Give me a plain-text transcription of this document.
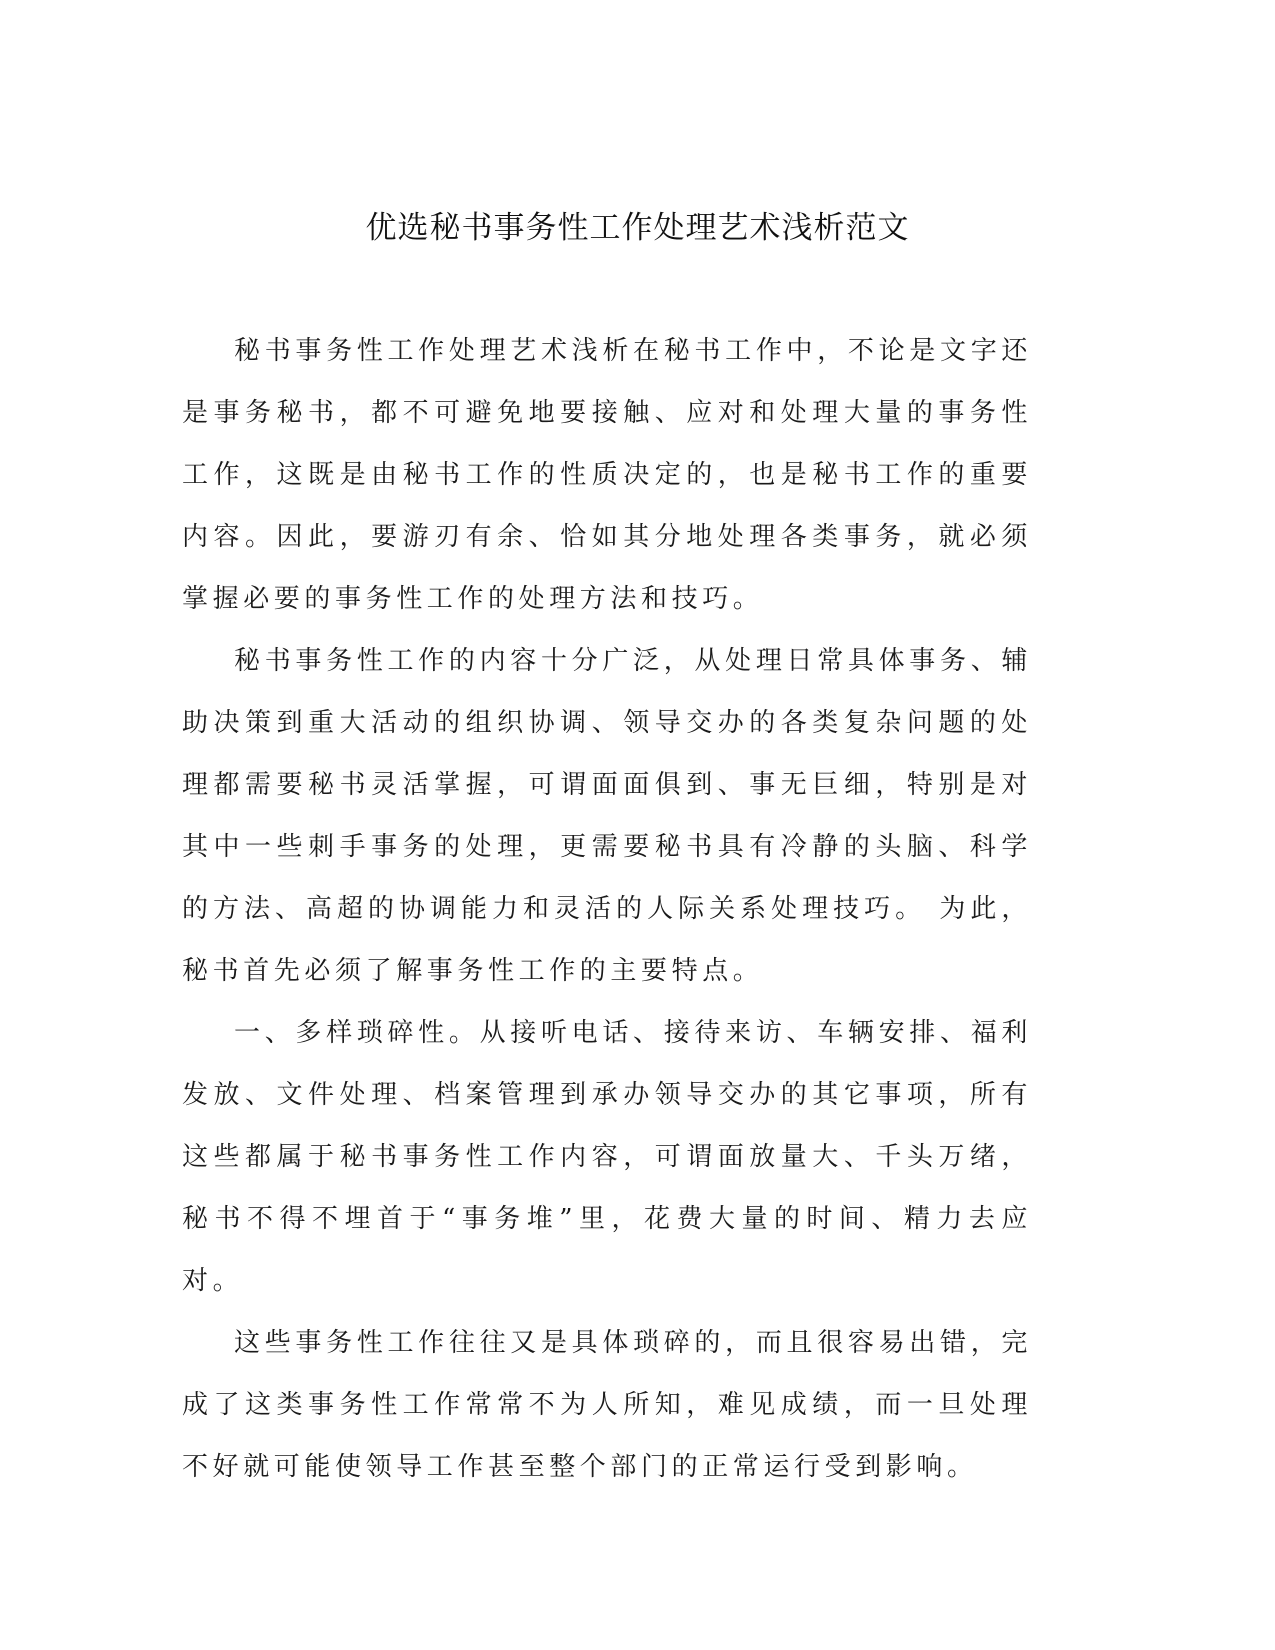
优选秘书事务性工作处理艺术浅析范文

秘书事务性工作处理艺术浅析在秘书工作中，不论是文字还是事务秘书，都不可避免地要接触、应对和处理大量的事务性工作，这既是由秘书工作的性质决定的，也是秘书工作的重要内容。因此，要游刃有余、恰如其分地处理各类事务，就必须掌握必要的事务性工作的处理方法和技巧。

秘书事务性工作的内容十分广泛，从处理日常具体事务、辅助决策到重大活动的组织协调、领导交办的各类复杂问题的处理都需要秘书灵活掌握，可谓面面俱到、事无巨细，特别是对其中一些刺手事务的处理，更需要秘书具有冷静的头脑、科学的方法、高超的协调能力和灵活的人际关系处理技巧。 为此，秘书首先必须了解事务性工作的主要特点。

一、多样琐碎性。从接听电话、接待来访、车辆安排、福利发放、文件处理、档案管理到承办领导交办的其它事项，所有这些都属于秘书事务性工作内容，可谓面放量大、千头万绪，秘书不得不埋首于“事务堆”里，花费大量的时间、精力去应对。

这些事务性工作往往又是具体琐碎的，而且很容易出错，完成了这类事务性工作常常不为人所知，难见成绩，而一旦处理不好就可能使领导工作甚至整个部门的正常运行受到影响。
